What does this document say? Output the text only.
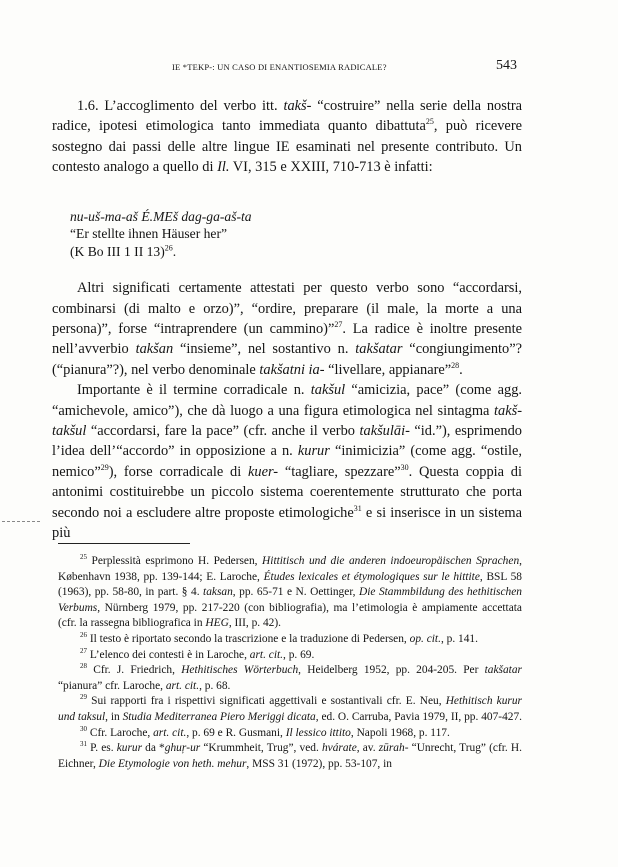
IE *TEKP-: UN CASO DI ENANTIOSEMIA RADICALE?	543

1.6. L’accoglimento del verbo itt. takš- “costruire” nella serie della nostra radice, ipotesi etimologica tanto immediata quanto dibattuta$^{25}$, può ricevere sostegno dai passi delle altre lingue IE esaminati nel presente contributo. Un contesto analogo a quello di Il. VI, 315 e XXIII, 710-713 è infatti:

nu-uš-ma-aš É.MEš dag-ga-aš-ta
“Er stellte ihnen Häuser her”
(K Bo III 1 II 13)$^{26}$.

Altri significati certamente attestati per questo verbo sono “accordarsi, combinarsi (di malto e orzo)”, “ordire, preparare (il male, la morte a una persona)”, forse “intraprendere (un cammino)”$^{27}$. La radice è inoltre presente nell’avverbio takšan “insieme”, nel sostantivo n. takšatar “congiungimento”? (“pianura”?), nel verbo denominale takšatni ia- “livellare, appianare”$^{28}$.

Importante è il termine corradicale n. takšul “amicizia, pace” (come agg. “amichevole, amico”), che dà luogo a una figura etimologica nel sintagma takš- takšul “accordarsi, fare la pace” (cfr. anche il verbo takšulāi- “id.”), esprimendo l’idea dell’“accordo” in opposizione a n. kurur “inimicizia” (come agg. “ostile, nemico”$^{29}$), forse corradicale di kuer- “tagliare, spezzare”$^{30}$. Questa coppia di antonimi costituirebbe un piccolo sistema coerentemente strutturato che porta secondo noi a escludere altre proposte etimologiche$^{31}$ e si inserisce in un sistema più

$^{25}$ Perplessità esprimono H. Pedersen, Hittitisch und die anderen indoeuropäischen Sprachen, København 1938, pp. 139-144; E. Laroche, Études lexicales et étymologiques sur le hittite, BSL 58 (1963), pp. 58-80, in part. § 4. taksan, pp. 65-71 e N. Oettinger, Die Stammbildung des hethitischen Verbums, Nürnberg 1979, pp. 217-220 (con bibliografia), ma l’etimologia è ampiamente accettata (cfr. la rassegna bibliografica in HEG, III, p. 42).

$^{26}$ Il testo è riportato secondo la trascrizione e la traduzione di Pedersen, op. cit., p. 141.

$^{27}$ L’elenco dei contesti è in Laroche, art. cit., p. 69.

$^{28}$ Cfr. J. Friedrich, Hethitisches Wörterbuch, Heidelberg 1952, pp. 204-205. Per takšatar “pianura” cfr. Laroche, art. cit., p. 68.

$^{29}$ Sui rapporti fra i rispettivi significati aggettivali e sostantivali cfr. E. Neu, Hethitisch kurur und taksul, in Studia Mediterranea Piero Meriggi dicata, ed. O. Carruba, Pavia 1979, II, pp. 407-427.

$^{30}$ Cfr. Laroche, art. cit., p. 69 e R. Gusmani, Il lessico ittito, Napoli 1968, p. 117.

$^{31}$ P. es. kurur da *ghuŗ-ur “Krummheit, Trug”, ved. hvárate, av. zūrah- “Unrecht, Trug” (cfr. H. Eichner, Die Etymologie von heth. mehur, MSS 31 (1972), pp. 53-107, in
